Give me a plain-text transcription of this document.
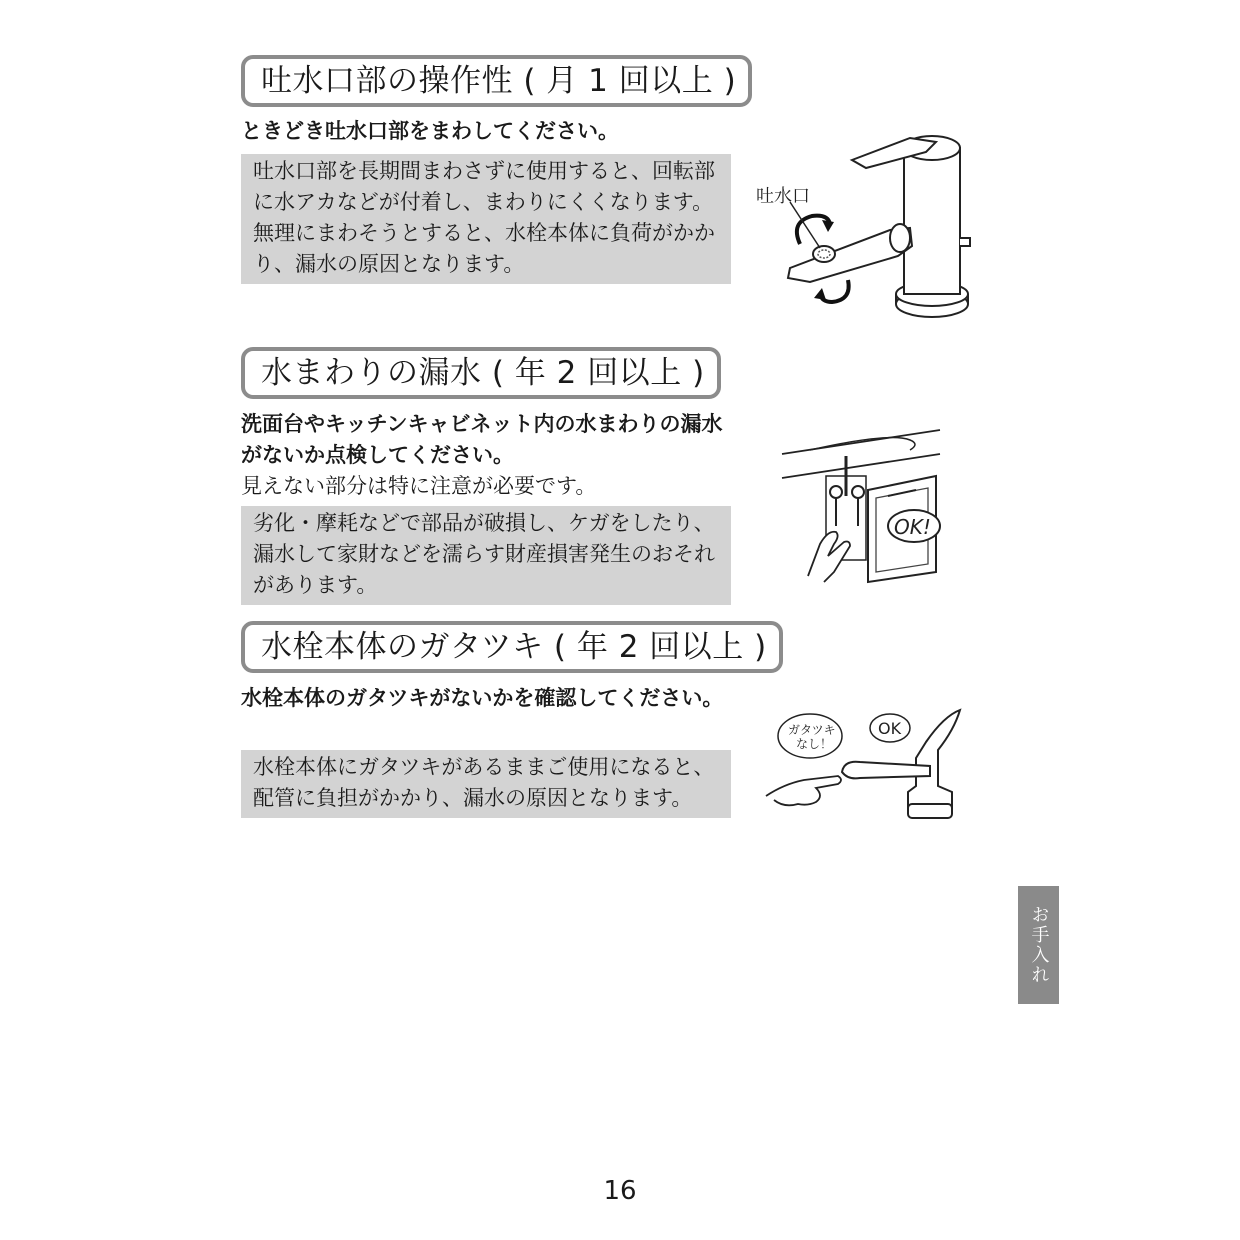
吐水口部の操作性 ( 月 1 回以上 )

ときどき吐水口部をまわしてください。

吐水口部を長期間まわさずに使用すると、回転部に水アカなどが付着し、まわりにくくなります。無理にまわそうとすると、水栓本体に負荷がかかり、漏水の原因となります。

吐水口
水まわりの漏水 ( 年 2 回以上 )

洗面台やキッチンキャビネット内の水まわりの漏水がないか点検してください。

見えない部分は特に注意が必要です。

劣化・摩耗などで部品が破損し、ケガをしたり、漏水して家財などを濡らす財産損害発生のおそれがあります。

OK!
水栓本体のガタツキ ( 年 2 回以上 )

水栓本体のガタツキがないかを確認してください。

水栓本体にガタツキがあるままご使用になると、配管に負担がかかり、漏水の原因となります。

ガタツキ
なし！
OK
お手入れ
16
